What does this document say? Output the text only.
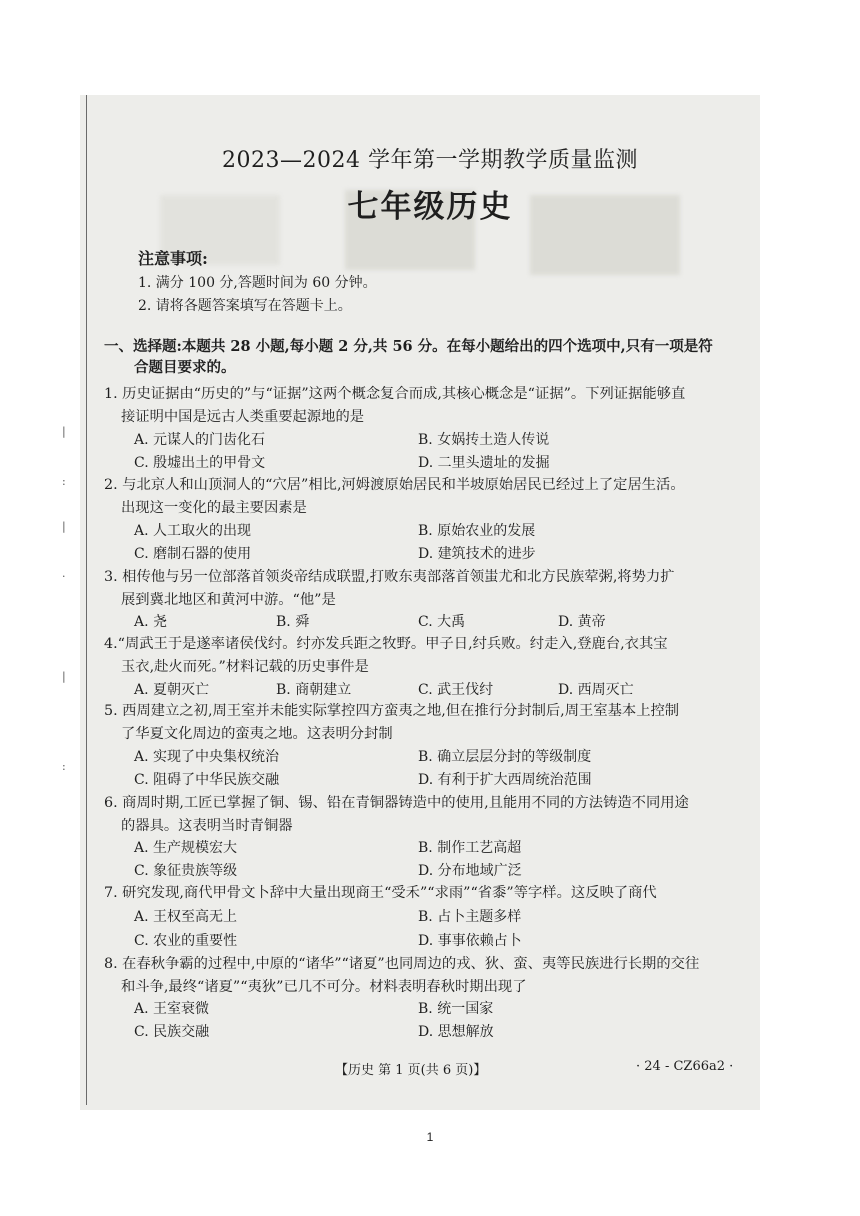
|
:
|
·
|
:
2023—2024 学年第一学期教学质量监测
七年级历史
注意事项:
1. 满分 100 分,答题时间为 60 分钟。
2. 请将各题答案填写在答题卡上。
一、选择题:本题共 28 小题,每小题 2 分,共 56 分。在每小题给出的四个选项中,只有一项是符
合题目要求的。
1. 历史证据由“历史的”与“证据”这两个概念复合而成,其核心概念是“证据”。下列证据能够直
接证明中国是远古人类重要起源地的是
A. 元谋人的门齿化石	B. 女娲抟土造人传说
C. 殷墟出土的甲骨文	D. 二里头遗址的发掘
2. 与北京人和山顶洞人的“穴居”相比,河姆渡原始居民和半坡原始居民已经过上了定居生活。
出现这一变化的最主要因素是
A. 人工取火的出现	B. 原始农业的发展
C. 磨制石器的使用	D. 建筑技术的进步
3. 相传他与另一位部落首领炎帝结成联盟,打败东夷部落首领蚩尤和北方民族荤粥,将势力扩
展到冀北地区和黄河中游。“他”是
A. 尧	B. 舜	C. 大禹	D. 黄帝
4.“周武王于是遂率诸侯伐纣。纣亦发兵距之牧野。甲子日,纣兵败。纣走入,登鹿台,衣其宝
玉衣,赴火而死。”材料记载的历史事件是
A. 夏朝灭亡	B. 商朝建立	C. 武王伐纣	D. 西周灭亡
5. 西周建立之初,周王室并未能实际掌控四方蛮夷之地,但在推行分封制后,周王室基本上控制
了华夏文化周边的蛮夷之地。这表明分封制
A. 实现了中央集权统治	B. 确立层层分封的等级制度
C. 阻碍了中华民族交融	D. 有利于扩大西周统治范围
6. 商周时期,工匠已掌握了铜、锡、铅在青铜器铸造中的使用,且能用不同的方法铸造不同用途
的器具。这表明当时青铜器
A. 生产规模宏大	B. 制作工艺高超
C. 象征贵族等级	D. 分布地域广泛
7. 研究发现,商代甲骨文卜辞中大量出现商王“受禾”“求雨”“省黍”等字样。这反映了商代
A. 王权至高无上	B. 占卜主题多样
C. 农业的重要性	D. 事事依赖占卜
8. 在春秋争霸的过程中,中原的“诸华”“诸夏”也同周边的戎、狄、蛮、夷等民族进行长期的交往
和斗争,最终“诸夏”“夷狄”已几不可分。材料表明春秋时期出现了
A. 王室衰微	B. 统一国家
C. 民族交融	D. 思想解放
【历史 第 1 页(共 6 页)】	· 24 - CZ66a2 ·
1
